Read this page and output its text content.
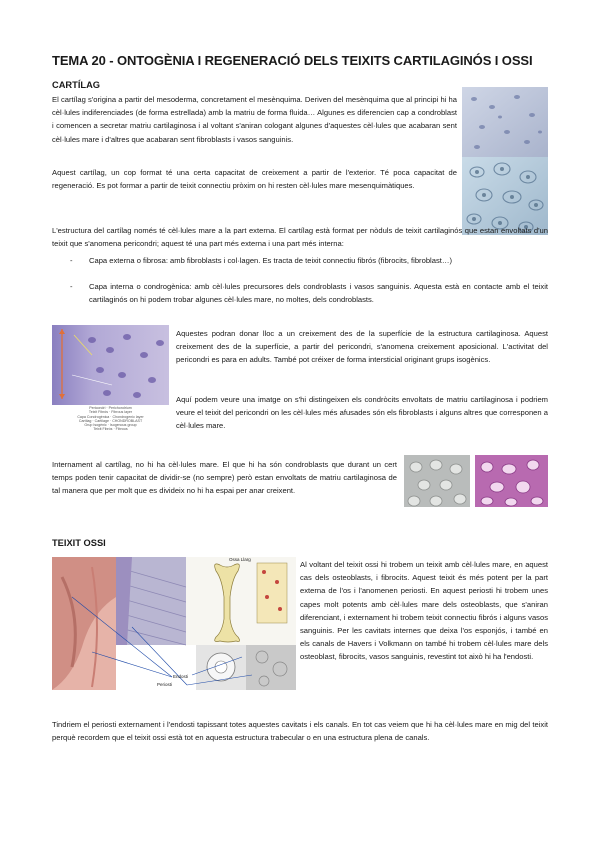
TEMA 20 - ONTOGÈNIA I REGENERACIÓ DELS TEIXITS CARTILAGINÓS I OSSI
CARTÍLAG
El cartílag s'origina a partir del mesoderma, concretament el mesènquima. Deriven del mesènquima que al principi hi ha cèl·lules indiferenciades (de forma estrellada) amb la matriu de forma fluida… Algunes es diferencien cap a condroblast i comencen a secretar matriu cartilaginosa i al voltant s'aniran cologant algunes d'aquestes cèl·lules que acabaran sent cèl·lules mare i d'altres que acabaran sent fibroblasts i vasos sanguinis.
Aquest cartílag, un cop format té una certa capacitat de creixement a partir de l'exterior. Té poca capacitat de regeneració. Es pot formar a partir de teixit connectiu pròxim on hi resten cèl·lules mare mesenquimàtiques.
L'estructura del cartílag només té cèl·lules mare a la part externa. El cartílag està format per nòduls de teixit cartilaginós que estan envoltats d'un teixit que s'anomena pericondri; aquest té una part més externa i una part més interna:
- Capa externa o fibrosa: amb fibroblasts i col·lagen. Es tracta de teixit connectiu fibrós (fibrocits, fibroblast…)
- Capa interna o condrogènica: amb cèl·lules precursores dels condroblasts i vasos sanguinis. Aquesta està en contacte amb el teixit cartilaginós on hi podem trobar algunes cèl·lules mare, no moltes, dels condroblasts.
Pericondri · Perichondrium
Teixit Fibrós · Fibrous layer
Capa Condrogènica · Chondrogenic layer
Cartílag · Cartilage · CHONDROBLAST
Grup Isogènic · Isogenous group
Teixit Fibrós · Fibrous
Aquestes podran donar lloc a un creixement des de la superfície de la estructura cartilaginosa. Aquest creixement des de la superfície, a partir del pericondri, s'anomena creixement aposicional. L'activitat del pericondri es para en adults. També pot créixer de forma intersticial originant grups isogènics.
Aquí podem veure una imatge on s'hi distingeixen els condròcits envoltats de matriu cartilaginosa i podriem veure el teixit del pericondri on les cèl·lules més afusades són els fibroblasts i alguns altres que corresponen a cèl·lules mare.
Internament al cartílag, no hi ha cèl·lules mare. El que hi ha són condroblasts que durant un cert temps poden tenir capacitat de dividir-se (no sempre) però estan envoltats de matriu cartilaginosa de tal manera que per molt que es divideix no hi ha espai per anar creixent.
TEIXIT OSSI
Ossa Llarg
Endosti
Periosti
Al voltant del teixit ossi hi trobem un teixit amb cèl·lules mare, en aquest cas dels osteoblasts, i fibrocits. Aquest teixit és més potent per la part externa de l'os i l'anomenen periosti. En aquest periosti hi trobem unes capes molt potents amb cèl·lules mare dels osteoblasts, que s'aniran diferenciant, i externament hi trobem teixit connectiu fibrós i alguns vasos sanguinis. Per les cavitats internes que deixa l'os esponjós, i també en els canals de Havers i Volkmann on també hi trobem cèl·lules mare dels osteoblast, fibrocits, vasos sanguinis, revestint tot això hi ha l'endosti.
Tindriem el periosti externament i l'endosti tapissant totes aquestes cavitats i els canals. En tot cas veiem que hi ha cèl·lules mare en mig del teixit perquè recordem que el teixit ossi està tot en aquesta estructura trabecular o en una estructura plena de canals.
